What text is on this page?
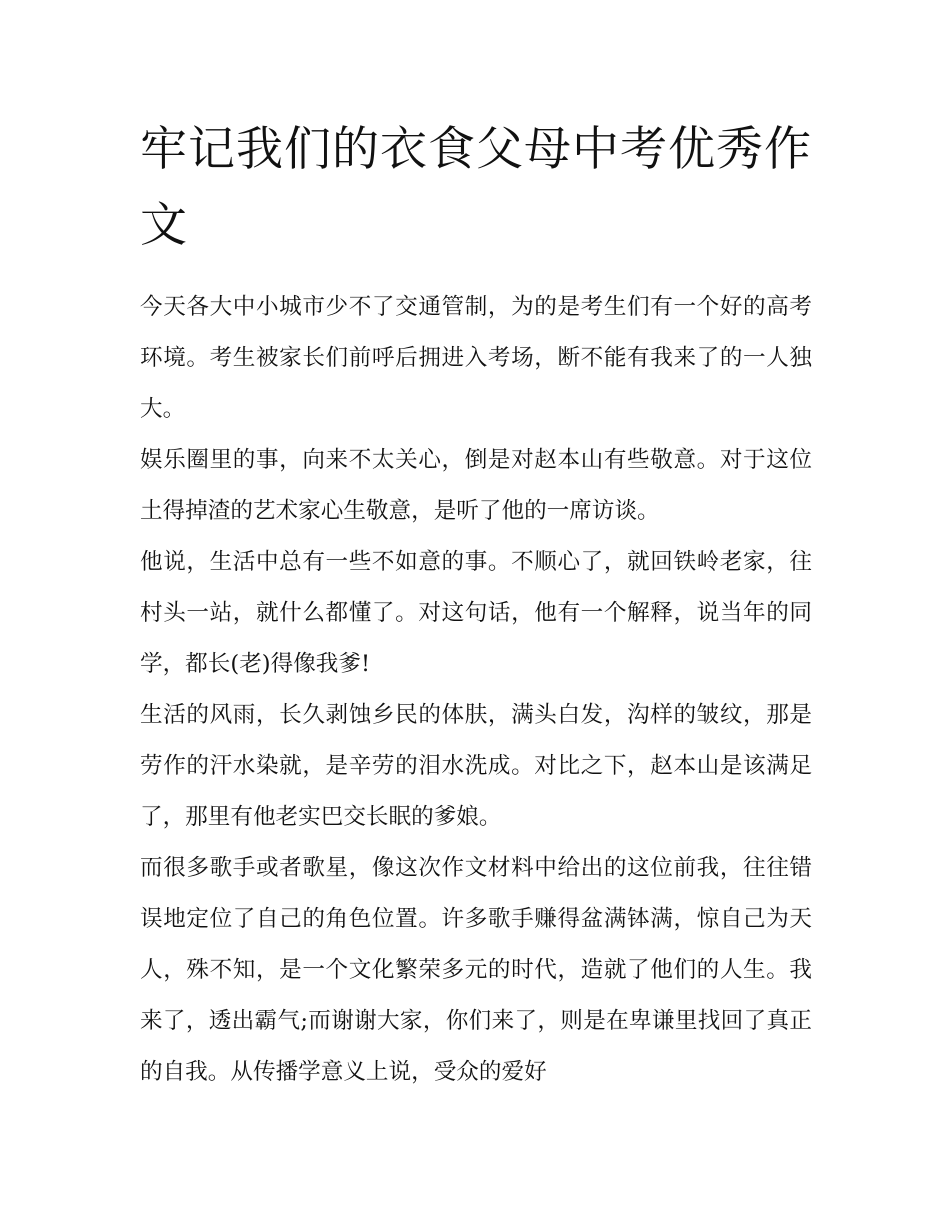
牢记我们的衣食父母中考优秀作文

今天各大中小城市少不了交通管制，为的是考生们有一个好的高考环境。考生被家长们前呼后拥进入考场，断不能有我来了的一人独大。

娱乐圈里的事，向来不太关心，倒是对赵本山有些敬意。对于这位土得掉渣的艺术家心生敬意，是听了他的一席访谈。

他说，生活中总有一些不如意的事。不顺心了，就回铁岭老家，往村头一站，就什么都懂了。对这句话，他有一个解释，说当年的同学，都长(老)得像我爹!

生活的风雨，长久剥蚀乡民的体肤，满头白发，沟样的皱纹，那是劳作的汗水染就，是辛劳的泪水洗成。对比之下，赵本山是该满足了，那里有他老实巴交长眠的爹娘。

而很多歌手或者歌星，像这次作文材料中给出的这位前我，往往错误地定位了自己的角色位置。许多歌手赚得盆满钵满，惊自己为天人，殊不知，是一个文化繁荣多元的时代，造就了他们的人生。我来了，透出霸气;而谢谢大家，你们来了，则是在卑谦里找回了真正的自我。从传播学意义上说，受众的爱好
